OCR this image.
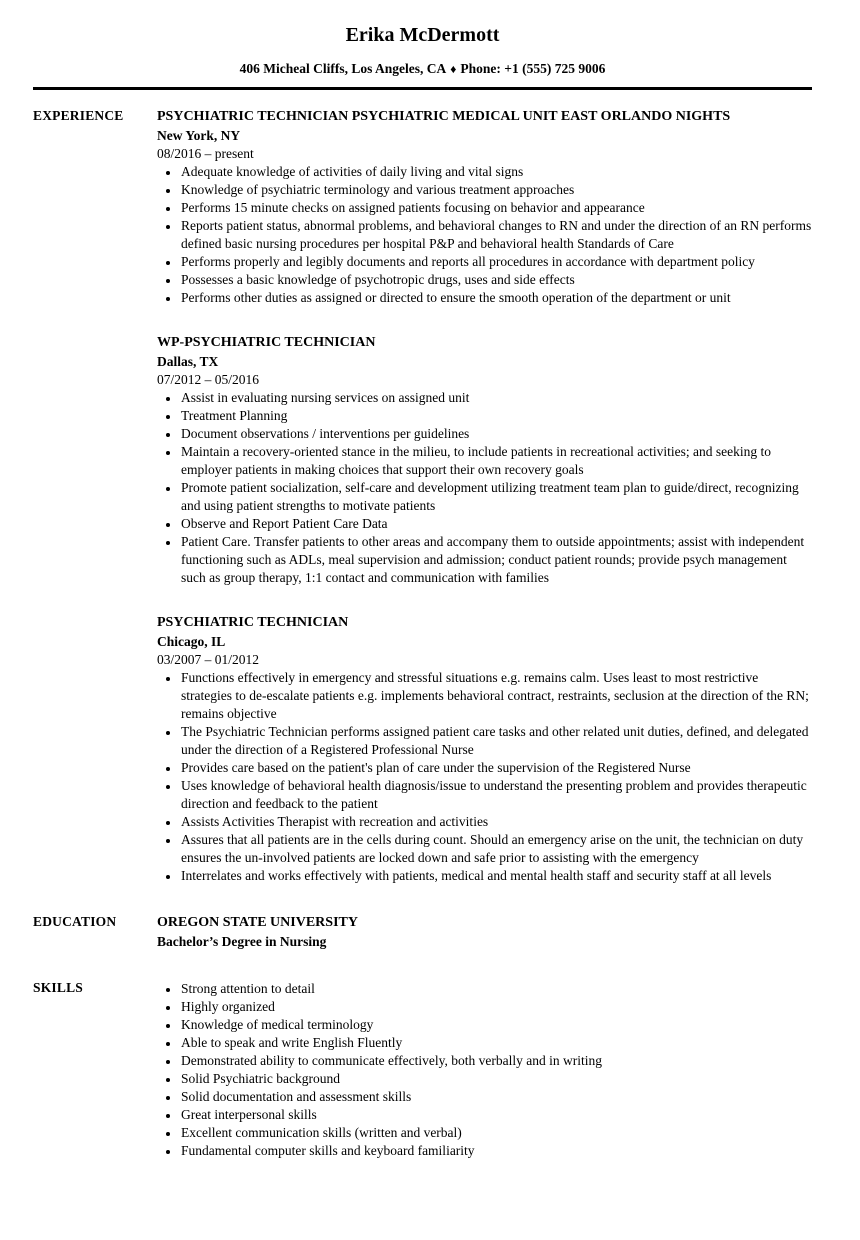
Erika McDermott

406 Micheal Cliffs, Los Angeles, CA ♦ Phone: +1 (555) 725 9006

EXPERIENCE	PSYCHIATRIC TECHNICIAN PSYCHIATRIC MEDICAL UNIT EAST ORLANDO NIGHTS
New York, NY
08/2016 – present
• Adequate knowledge of activities of daily living and vital signs
• Knowledge of psychiatric terminology and various treatment approaches
• Performs 15 minute checks on assigned patients focusing on behavior and appearance
• Reports patient status, abnormal problems, and behavioral changes to RN and under the direction of an RN performs defined basic nursing procedures per hospital P&P and behavioral health Standards of Care
• Performs properly and legibly documents and reports all procedures in accordance with department policy
• Possesses a basic knowledge of psychotropic drugs, uses and side effects
• Performs other duties as assigned or directed to ensure the smooth operation of the department or unit
WP-PSYCHIATRIC TECHNICIAN
Dallas, TX
07/2012 – 05/2016
• Assist in evaluating nursing services on assigned unit
• Treatment Planning
• Document observations / interventions per guidelines
• Maintain a recovery-oriented stance in the milieu, to include patients in recreational activities; and seeking to employer patients in making choices that support their own recovery goals
• Promote patient socialization, self-care and development utilizing treatment team plan to guide/direct, recognizing and using patient strengths to motivate patients
• Observe and Report Patient Care Data
• Patient Care. Transfer patients to other areas and accompany them to outside appointments; assist with independent functioning such as ADLs, meal supervision and admission; conduct patient rounds; provide psych management such as group therapy, 1:1 contact and communication with families
PSYCHIATRIC TECHNICIAN
Chicago, IL
03/2007 – 01/2012
• Functions effectively in emergency and stressful situations e.g. remains calm. Uses least to most restrictive strategies to de-escalate patients e.g. implements behavioral contract, restraints, seclusion at the direction of the RN; remains objective
• The Psychiatric Technician performs assigned patient care tasks and other related unit duties, defined, and delegated under the direction of a Registered Professional Nurse
• Provides care based on the patient's plan of care under the supervision of the Registered Nurse
• Uses knowledge of behavioral health diagnosis/issue to understand the presenting problem and provides therapeutic direction and feedback to the patient
• Assists Activities Therapist with recreation and activities
• Assures that all patients are in the cells during count. Should an emergency arise on the unit, the technician on duty ensures the un-involved patients are locked down and safe prior to assisting with the emergency
• Interrelates and works effectively with patients, medical and mental health staff and security staff at all levels
EDUCATION	OREGON STATE UNIVERSITY
Bachelor’s Degree in Nursing
SKILLS	• Strong attention to detail
• Highly organized
• Knowledge of medical terminology
• Able to speak and write English Fluently
• Demonstrated ability to communicate effectively, both verbally and in writing
• Solid Psychiatric background
• Solid documentation and assessment skills
• Great interpersonal skills
• Excellent communication skills (written and verbal)
• Fundamental computer skills and keyboard familiarity
